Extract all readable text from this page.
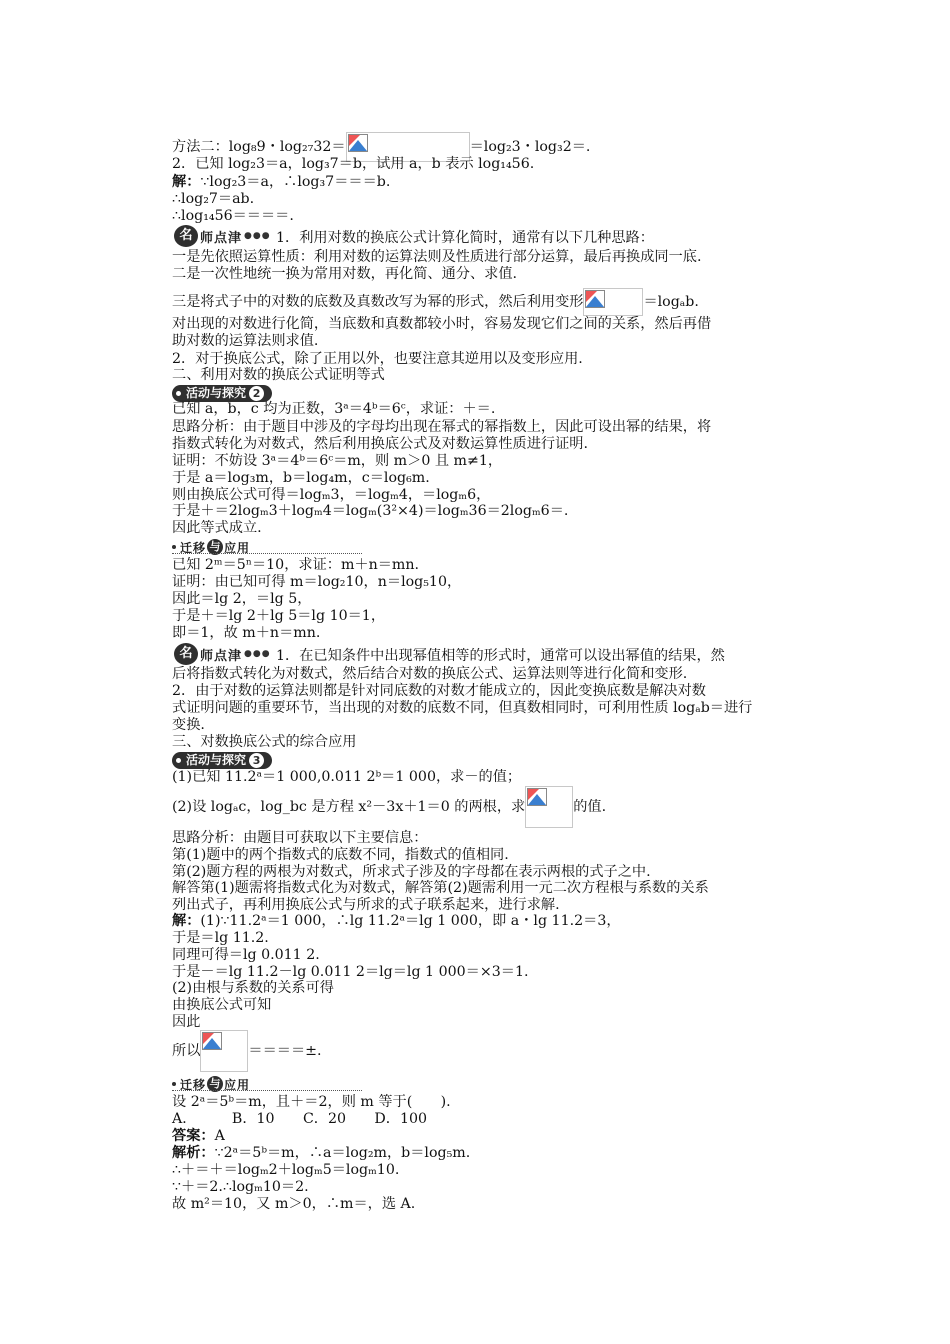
方法二：log₈9・log₂₇32＝	＝log₂3・log₃2＝.
2．已知 log₂3＝a，log₃7＝b，试用 a，b 表示 log₁₄56.
解：∵log₂3＝a，∴log₃7＝＝＝b.
∴log₂7＝ab.
∴log₁₄56＝＝＝＝.
名 师点津 ●●● 1．利用对数的换底公式计算化简时，通常有以下几种思路：
一是先依照运算性质：利用对数的运算法则及性质进行部分运算，最后再换成同一底.
二是一次性地统一换为常用对数，再化简、通分、求值.
三是将式子中的对数的底数及真数改写为幂的形式，然后利用变形	＝logₐb.
对出现的对数进行化简，当底数和真数都较小时，容易发现它们之间的关系，然后再借
助对数的运算法则求值.
2．对于换底公式，除了正用以外，也要注意其逆用以及变形应用.
二、利用对数的换底公式证明等式
活动与探究 2
已知 a，b，c 均为正数，3ᵃ＝4ᵇ＝6ᶜ，求证：＋＝.
思路分析：由于题目中涉及的字母均出现在幂式的幂指数上，因此可设出幂的结果，将
指数式转化为对数式，然后利用换底公式及对数运算性质进行证明.
证明：不妨设 3ᵃ＝4ᵇ＝6ᶜ＝m，则 m＞0 且 m≠1，
于是 a＝log₃m，b＝log₄m，c＝log₆m.
则由换底公式可得＝logₘ3，＝logₘ4，＝logₘ6，
于是＋＝2logₘ3＋logₘ4＝logₘ(3²×4)＝logₘ36＝2logₘ6＝.
因此等式成立.
迁移 与 应用
已知 2ᵐ＝5ⁿ＝10，求证：m＋n＝mn.
证明：由已知可得 m＝log₂10，n＝log₅10，
因此＝lg 2，＝lg 5，
于是＋＝lg 2＋lg 5＝lg 10＝1，
即＝1，故 m＋n＝mn.
名 师点津 ●●● 1．在已知条件中出现幂值相等的形式时，通常可以设出幂值的结果，然
后将指数式转化为对数式，然后结合对数的换底公式、运算法则等进行化简和变形.
2．由于对数的运算法则都是针对同底数的对数才能成立的，因此变换底数是解决对数
式证明问题的重要环节，当出现的对数的底数不同，但真数相同时，可利用性质 logₐb＝进行
变换.
三、对数换底公式的综合应用
活动与探究 3
(1)已知 11.2ᵃ＝1 000,0.011 2ᵇ＝1 000，求－的值；
(2)设 logₐc，log_bc 是方程 x²－3x＋1＝0 的两根，求	的值.
思路分析：由题目可获取以下主要信息：
第(1)题中的两个指数式的底数不同，指数式的值相同.
第(2)题方程的两根为对数式，所求式子涉及的字母都在表示两根的式子之中.
解答第(1)题需将指数式化为对数式，解答第(2)题需利用一元二次方程根与系数的关系
列出式子，再利用换底公式与所求的式子联系起来，进行求解.
解：(1)∵11.2ᵃ＝1 000，∴lg 11.2ᵃ＝lg 1 000，即 a・lg 11.2＝3，
于是＝lg 11.2.
同理可得＝lg 0.011 2.
于是－＝lg 11.2－lg 0.011 2＝lg＝lg 1 000＝×3＝1.
(2)由根与系数的关系可得
由换底公式可知
因此
所以	＝＝＝＝±.
迁移 与 应用
设 2ᵃ＝5ᵇ＝m，且＋＝2，则 m 等于(　　).
A．　　　B．10　　C．20　　D．100
答案：A
解析：∵2ᵃ＝5ᵇ＝m，∴a＝log₂m，b＝log₅m.
∴＋＝＋＝logₘ2＋logₘ5＝logₘ10.
∵＋＝2.∴logₘ10＝2.
故 m²＝10，又 m＞0，∴m＝，选 A.
